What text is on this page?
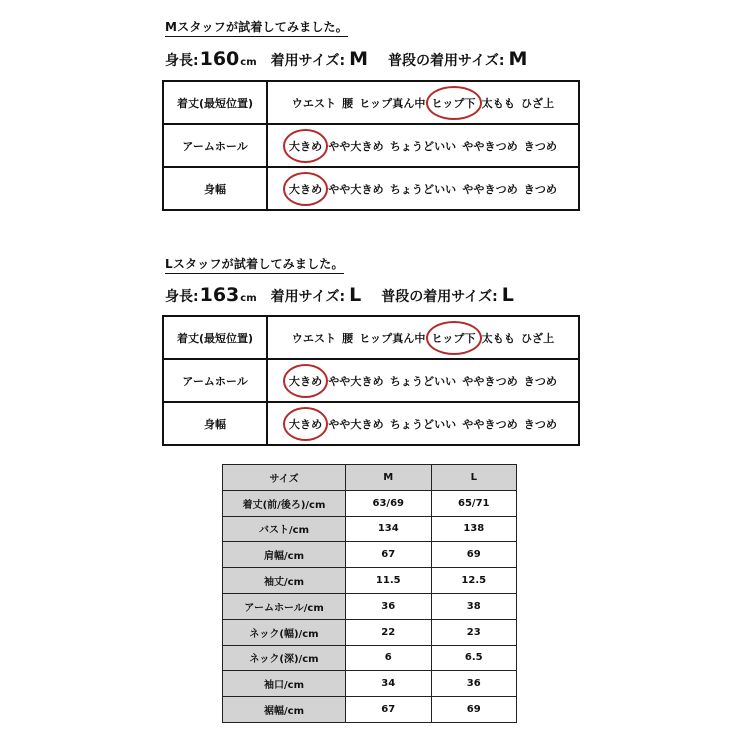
Mスタッフが試着してみました。
身長: 160 cm 着用サイズ: M 普段の着用サイズ: M
着丈(最短位置)	ウエスト 腰 ヒップ真ん中 ヒップ下 太もも ひざ上
アームホール	大きめ やや大きめ ちょうどいい ややきつめ きつめ
身幅	大きめ やや大きめ ちょうどいい ややきつめ きつめ
Lスタッフが試着してみました。
身長: 163 cm 着用サイズ: L 普段の着用サイズ: L
着丈(最短位置)	ウエスト 腰 ヒップ真ん中 ヒップ下 太もも ひざ上
アームホール	大きめ やや大きめ ちょうどいい ややきつめ きつめ
身幅	大きめ やや大きめ ちょうどいい ややきつめ きつめ
サイズ	M	L
着丈(前/後ろ)/cm	63/69	65/71
バスト/cm	134	138
肩幅/cm	67	69
袖丈/cm	11.5	12.5
アームホール/cm	36	38
ネック(幅)/cm	22	23
ネック(深)/cm	6	6.5
袖口/cm	34	36
裾幅/cm	67	69
